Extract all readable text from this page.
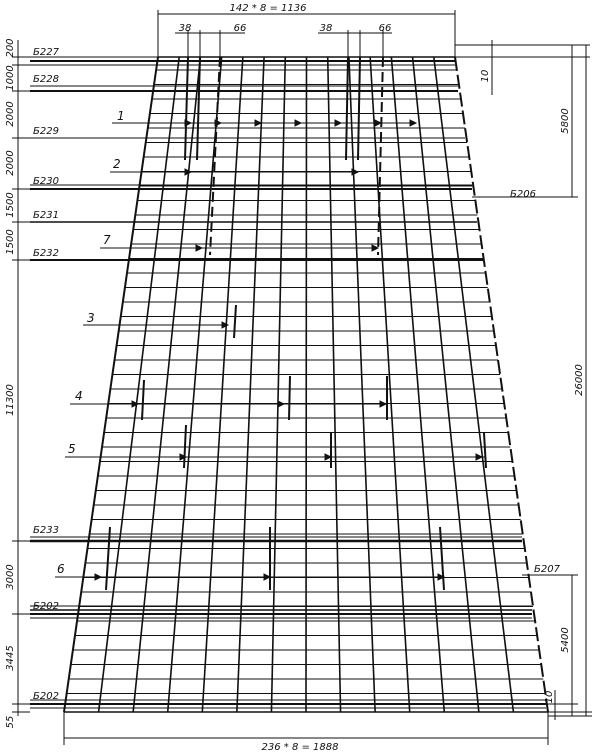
142 * 8 = 1136
38	66	38	66
236 * 8 = 1888
200
1000
2000
2000
1500
1500
11300
3000
3445
55
Б227
Б228
Б229
Б230
Б231
Б232
Б233
Б202
Б202
Б206
Б207
1
2
7
3
4
5
6
10
5800
26000
5400
10
